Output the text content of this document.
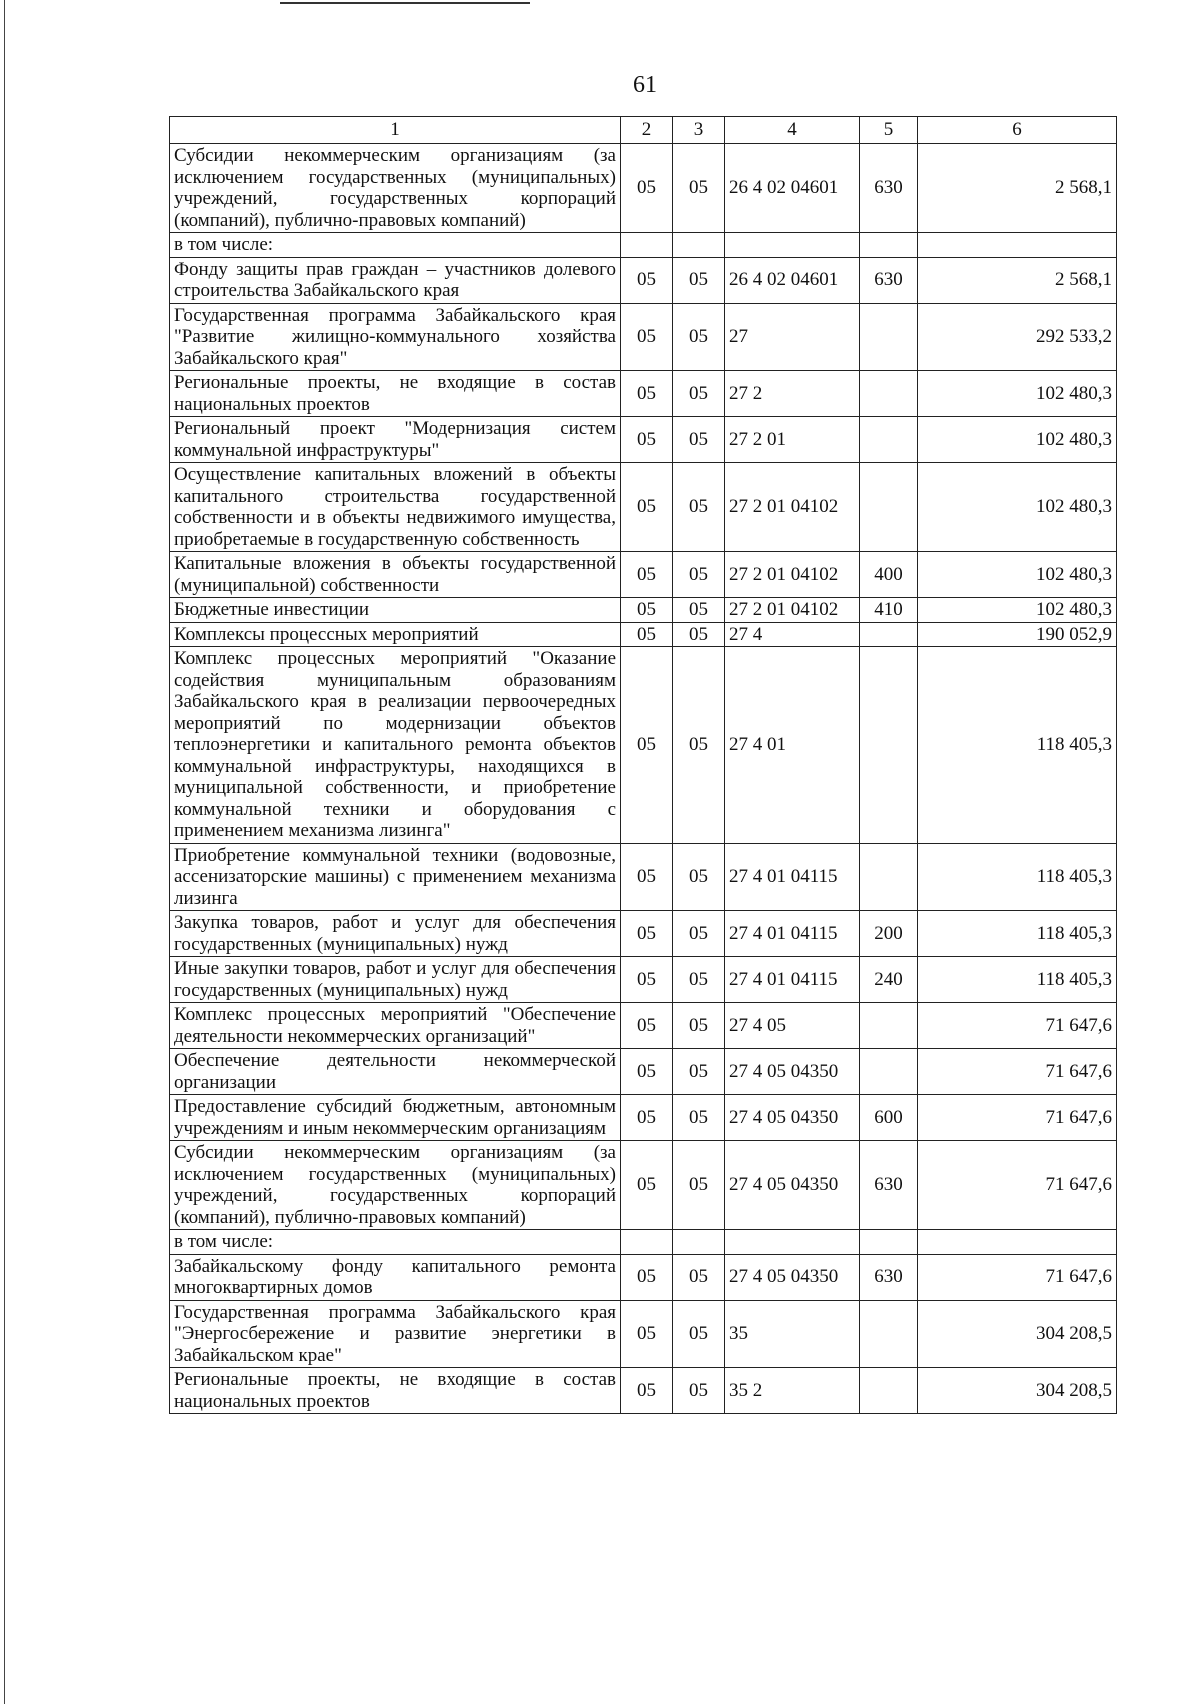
61
1	2	3	4	5	6
Субсидии некоммерческим организациям (за исключением государственных (муниципальных) учреждений, государственных корпораций (компаний), публично-правовых компаний)	05	05	26 4 02 04601	630	2 568,1
в том числе:					
Фонду защиты прав граждан – участников долевого строительства Забайкальского края	05	05	26 4 02 04601	630	2 568,1
Государственная программа Забайкальского края "Развитие жилищно-коммунального хозяйства Забайкальского края"	05	05	27		292 533,2
Региональные проекты, не входящие в состав национальных проектов	05	05	27 2		102 480,3
Региональный проект "Модернизация систем коммунальной инфраструктуры"	05	05	27 2 01		102 480,3
Осуществление капитальных вложений в объекты капитального строительства государственной собственности и в объекты недвижимого имущества, приобретаемые в государственную собственность	05	05	27 2 01 04102		102 480,3
Капитальные вложения в объекты государственной (муниципальной) собственности	05	05	27 2 01 04102	400	102 480,3
Бюджетные инвестиции	05	05	27 2 01 04102	410	102 480,3
Комплексы процессных мероприятий	05	05	27 4		190 052,9
Комплекс процессных мероприятий "Оказание содействия муниципальным образованиям Забайкальского края в реализации первоочередных мероприятий по модернизации объектов теплоэнергетики и капитального ремонта объектов коммунальной инфраструктуры, находящихся в муниципальной собственности, и приобретение коммунальной техники и оборудования с применением механизма лизинга"	05	05	27 4 01		118 405,3
Приобретение коммунальной техники (водовозные, ассенизаторские машины) с применением механизма лизинга	05	05	27 4 01 04115		118 405,3
Закупка товаров, работ и услуг для обеспечения государственных (муниципальных) нужд	05	05	27 4 01 04115	200	118 405,3
Иные закупки товаров, работ и услуг для обеспечения государственных (муниципальных) нужд	05	05	27 4 01 04115	240	118 405,3
Комплекс процессных мероприятий "Обеспечение деятельности некоммерческих организаций"	05	05	27 4 05		71 647,6
Обеспечение деятельности некоммерческой организации	05	05	27 4 05 04350		71 647,6
Предоставление субсидий бюджетным, автономным учреждениям и иным некоммерческим организациям	05	05	27 4 05 04350	600	71 647,6
Субсидии некоммерческим организациям (за исключением государственных (муниципальных) учреждений, государственных корпораций (компаний), публично-правовых компаний)	05	05	27 4 05 04350	630	71 647,6
в том числе:					
Забайкальскому фонду капитального ремонта многоквартирных домов	05	05	27 4 05 04350	630	71 647,6
Государственная программа Забайкальского края "Энергосбережение и развитие энергетики в Забайкальском крае"	05	05	35		304 208,5
Региональные проекты, не входящие в состав национальных проектов	05	05	35 2		304 208,5
